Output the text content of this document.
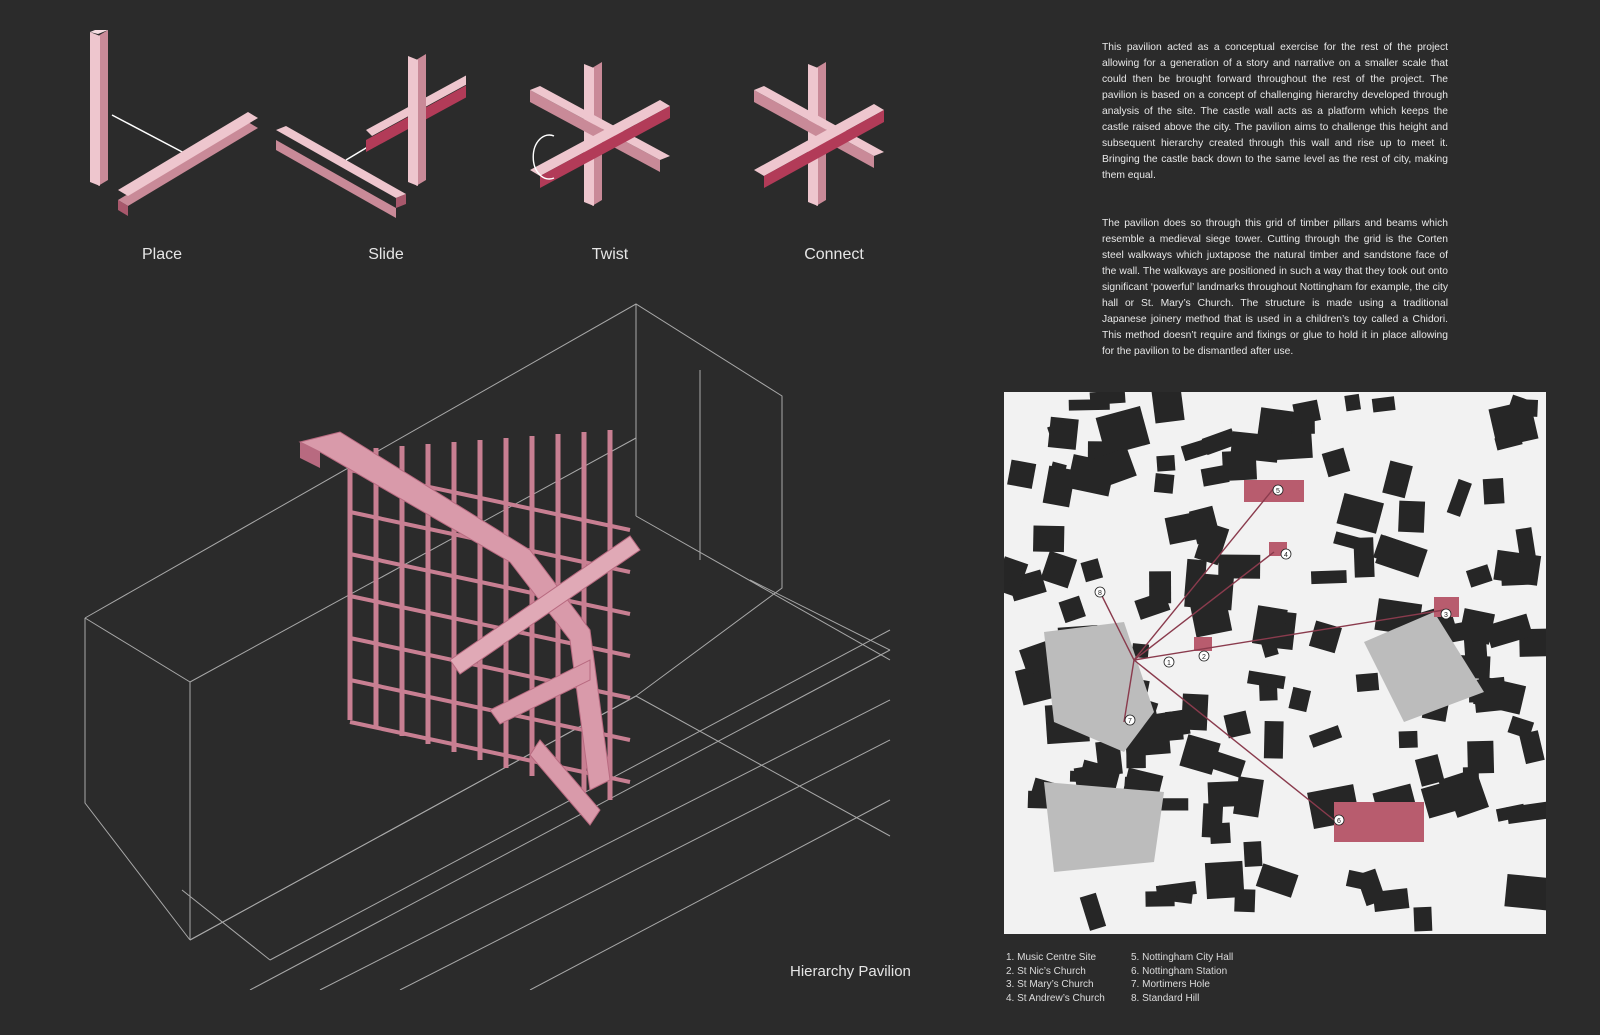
Place	Slide	Twist	Connect
This pavilion acted as a conceptual exercise for the rest of the project allowing for a generation of a story and narrative on a smaller scale that could then be brought forward throughout the rest of the project. The pavilion is based on a concept of challenging hierarchy developed through analysis of the site. The castle wall acts as a platform which keeps the castle raised above the city. The pavilion aims to challenge this height and subsequent hierarchy created through this wall and rise up to meet it. Bringing the castle back down to the same level as the rest of city, making them equal.
The pavilion does so through this grid of timber pillars and beams which resemble a medieval siege tower. Cutting through the grid is the Corten steel walkways which juxtapose the natural timber and sandstone face of the wall. The walkways are positioned in such a way that they took out onto significant ‘powerful’ landmarks throughout Nottingham for example, the city hall or St. Mary’s Church. The structure is made using a traditional Japanese joinery method that is used in a children’s toy called a Chidori. This method doesn’t require and fixings or glue to hold it in place allowing for the pavilion to be dismantled after use.
Hierarchy Pavilion
1
2
3
4
5
6
7
8
1. Music Centre Site
2. St Nic’s Church
3. St Mary’s Church
4. St Andrew’s Church
5. Nottingham City Hall
6. Nottingham Station
7. Mortimers Hole
8. Standard Hill
